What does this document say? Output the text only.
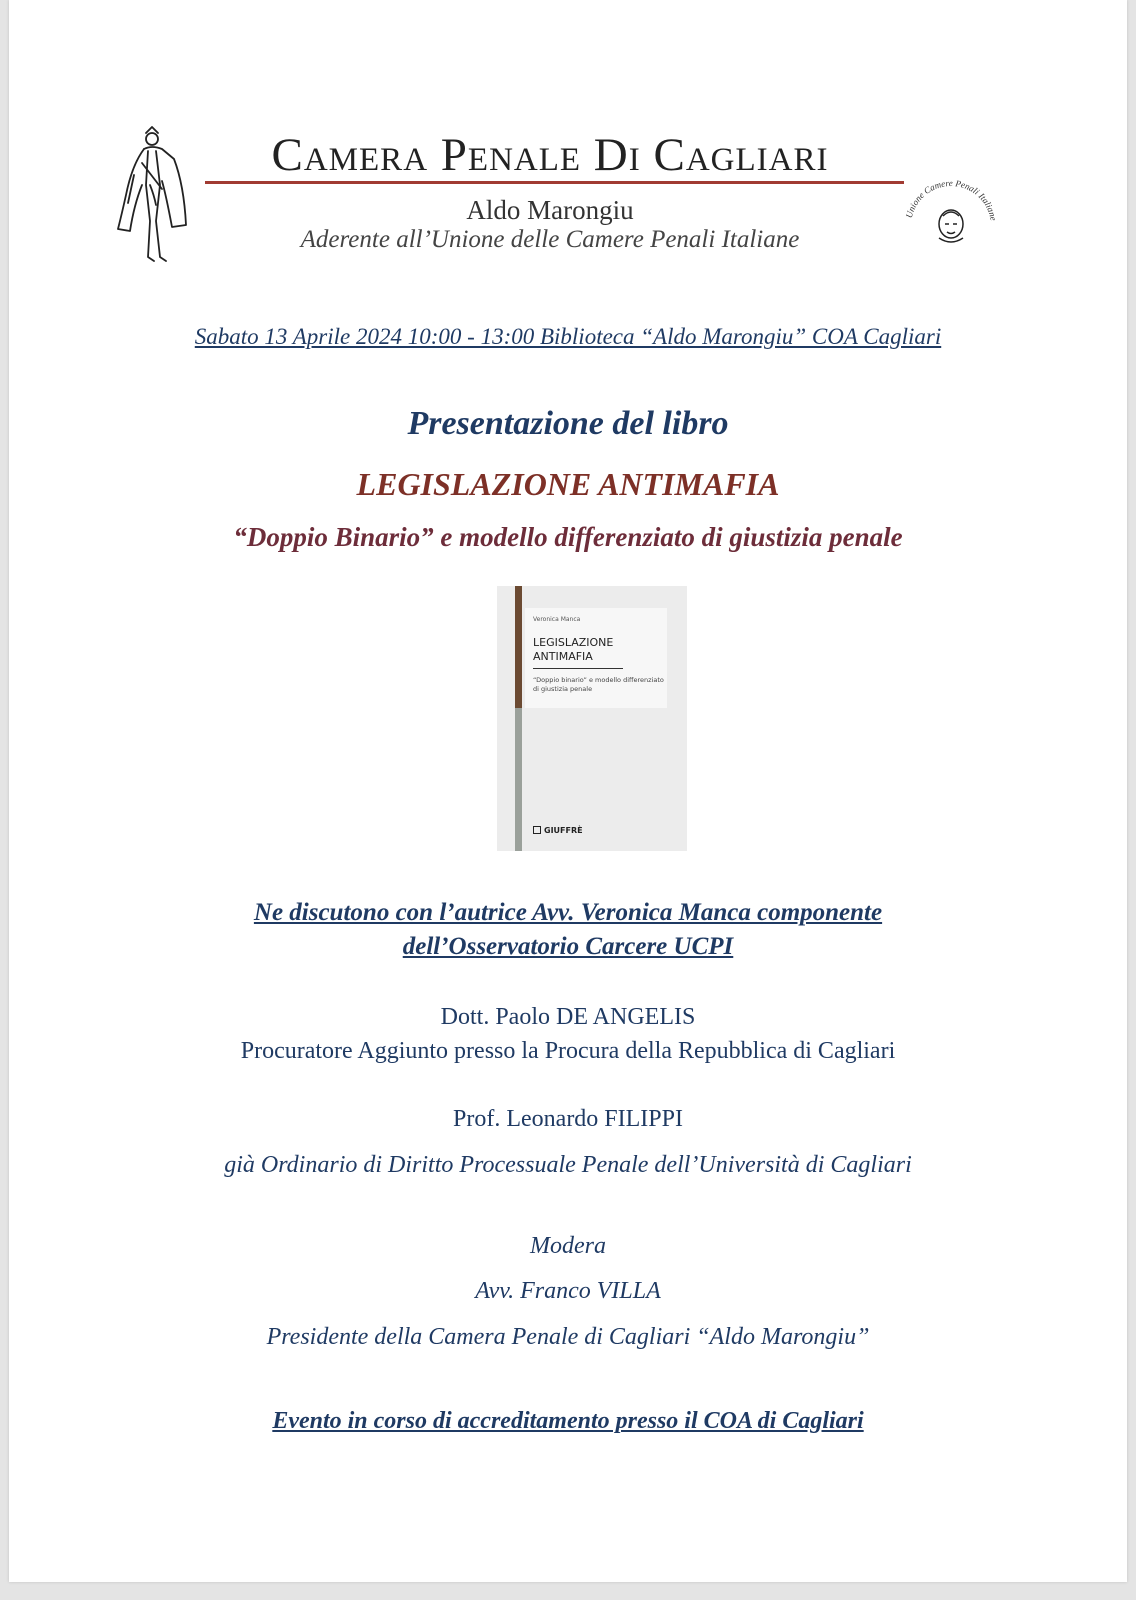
Camera Penale Di Cagliari
Aldo Marongiu
Aderente all’Unione delle Camere Penali Italiane
Unione Camere Penali Italiane
Sabato 13 Aprile 2024 10:00 - 13:00 Biblioteca “Aldo Marongiu” COA Cagliari
Presentazione del libro
LEGISLAZIONE ANTIMAFIA
“Doppio Binario” e modello differenziato di giustizia penale
Veronica Manca
LEGISLAZIONE
ANTIMAFIA
“Doppio binario” e modello differenziato di giustizia penale
GIUFFRÈ
Ne discutono con l’autrice Avv. Veronica Manca componente
dell’Osservatorio Carcere UCPI
Dott. Paolo DE ANGELIS
Procuratore Aggiunto presso la Procura della Repubblica di Cagliari
Prof. Leonardo FILIPPI
già Ordinario di Diritto Processuale Penale dell’Università di Cagliari
Modera
Avv. Franco VILLA
Presidente della Camera Penale di Cagliari “Aldo Marongiu”
Evento in corso di accreditamento presso il COA di Cagliari
